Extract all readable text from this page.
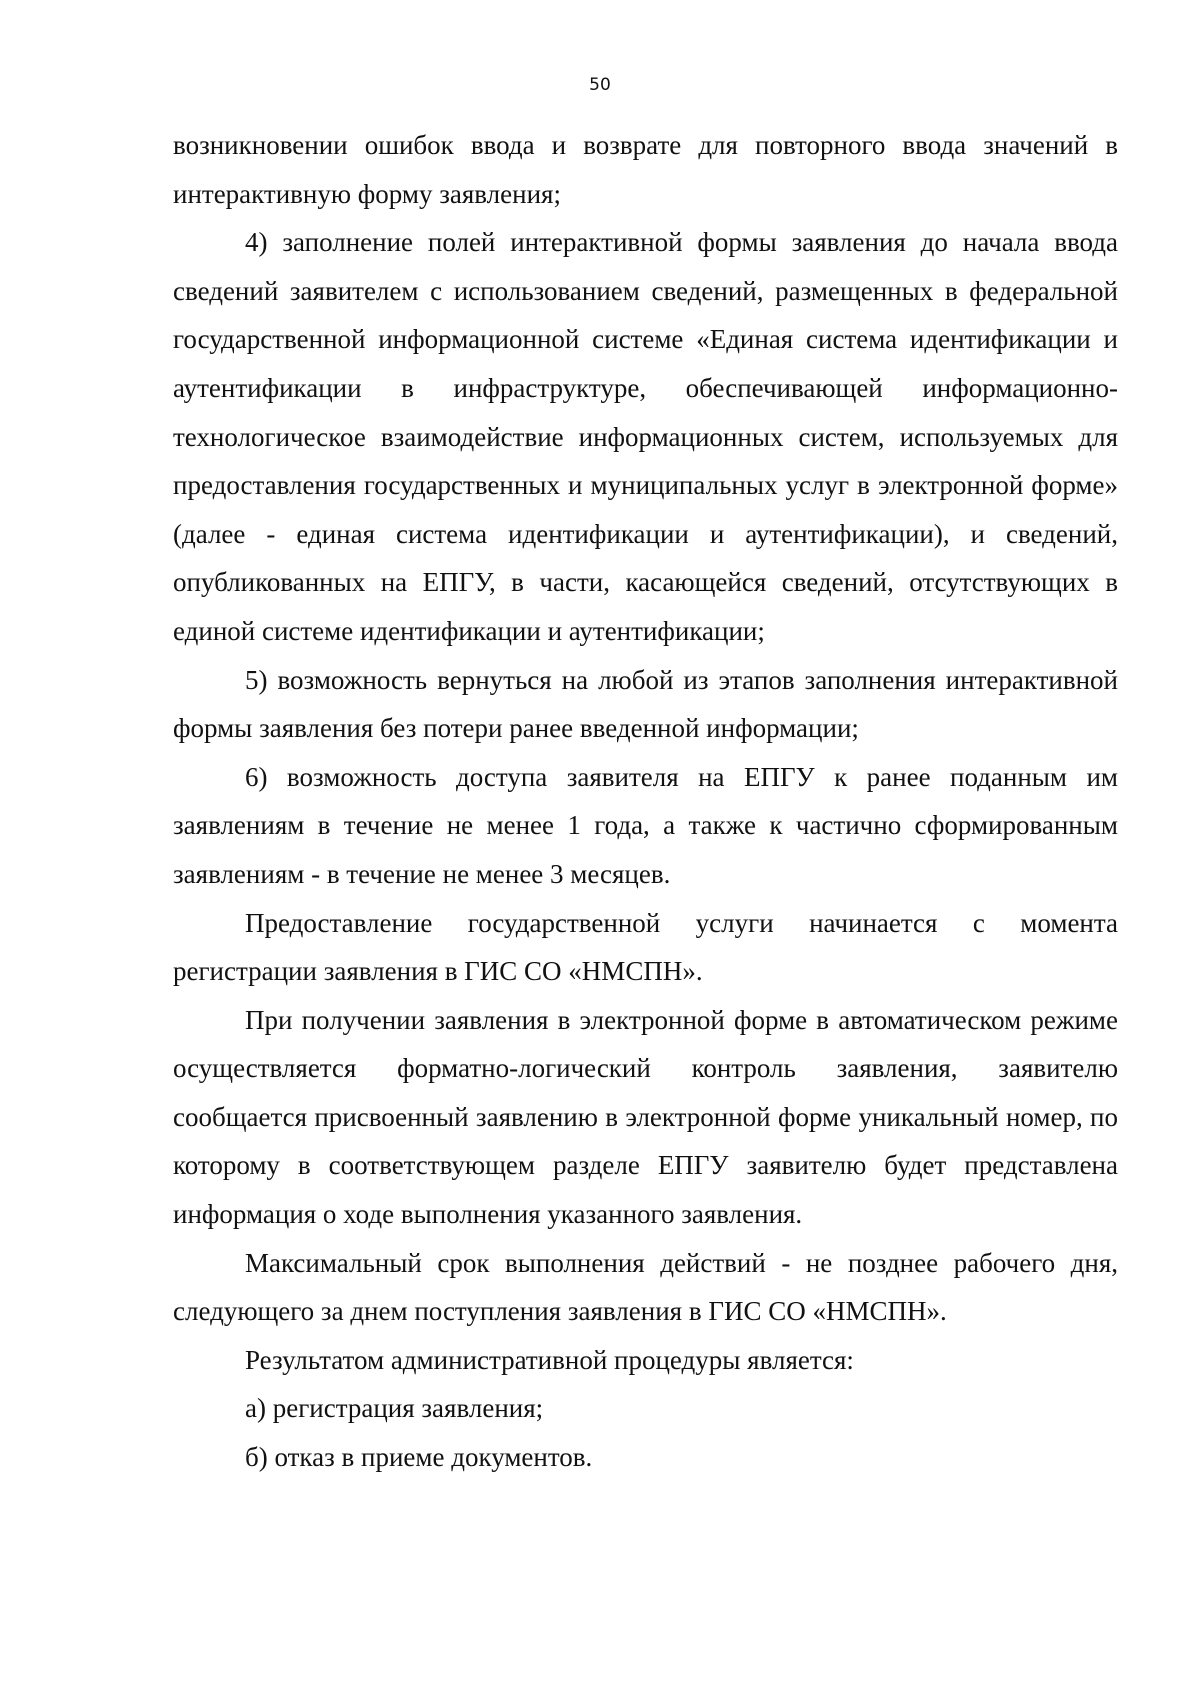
50

возникновении ошибок ввода и возврате для повторного ввода значений в интерактивную форму заявления;

4) заполнение полей интерактивной формы заявления до начала ввода сведений заявителем с использованием сведений, размещенных в федеральной государственной информационной системе «Единая система идентификации и аутентификации в инфраструктуре, обеспечивающей информационно-технологическое взаимодействие информационных систем, используемых для предоставления государственных и муниципальных услуг в электронной форме» (далее - единая система идентификации и аутентификации), и сведений, опубликованных на ЕПГУ, в части, касающейся сведений, отсутствующих в единой системе идентификации и аутентификации;

5) возможность вернуться на любой из этапов заполнения интерактивной формы заявления без потери ранее введенной информации;

6) возможность доступа заявителя на ЕПГУ к ранее поданным им заявлениям в течение не менее 1 года, а также к частично сформированным заявлениям - в течение не менее 3 месяцев.

Предоставление государственной услуги начинается с момента регистрации заявления в ГИС СО «НМСПН».

При получении заявления в электронной форме в автоматическом режиме осуществляется форматно-логический контроль заявления, заявителю сообщается присвоенный заявлению в электронной форме уникальный номер, по которому в соответствующем разделе ЕПГУ заявителю будет представлена информация о ходе выполнения указанного заявления.

Максимальный срок выполнения действий - не позднее рабочего дня, следующего за днем поступления заявления в ГИС СО «НМСПН».

Результатом административной процедуры является:

а) регистрация заявления;

б) отказ в приеме документов.
